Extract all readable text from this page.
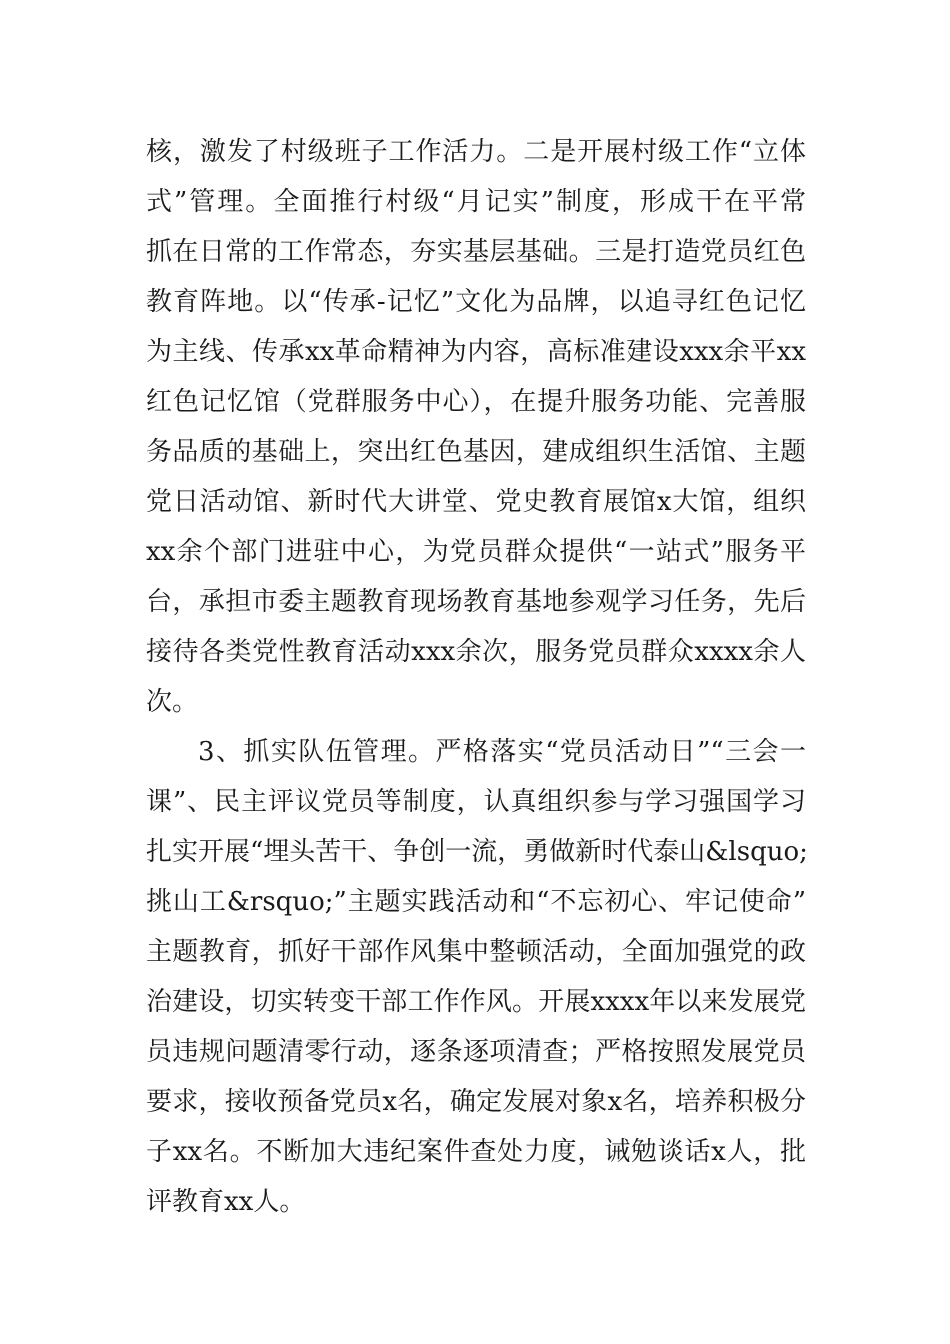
核，激发了村级班子工作活力。二是开展村级工作“立体
式”管理。全面推行村级“月记实”制度，形成干在平常
抓在日常的工作常态，夯实基层基础。三是打造党员红色
教育阵地。以“传承-记忆”文化为品牌，以追寻红色记忆
为主线、传承xx革命精神为内容，高标准建设xxx余平xx
红色记忆馆（党群服务中心），在提升服务功能、完善服
务品质的基础上，突出红色基因，建成组织生活馆、主题
党日活动馆、新时代大讲堂、党史教育展馆x大馆，组织
xx余个部门进驻中心，为党员群众提供“一站式”服务平
台，承担市委主题教育现场教育基地参观学习任务，先后
接待各类党性教育活动xxx余次，服务党员群众xxxx余人
次。
3、抓实队伍管理。严格落实“党员活动日”“三会一
课”、民主评议党员等制度，认真组织参与学习强国学习
扎实开展“埋头苦干、争创一流，勇做新时代泰山&lsquo;
挑山工&rsquo;”主题实践活动和“不忘初心、牢记使命”
主题教育，抓好干部作风集中整顿活动，全面加强党的政
治建设，切实转变干部工作作风。开展xxxx年以来发展党
员违规问题清零行动，逐条逐项清查；严格按照发展党员
要求，接收预备党员x名，确定发展对象x名，培养积极分
子xx名。不断加大违纪案件查处力度，诫勉谈话x人，批
评教育xx人。
